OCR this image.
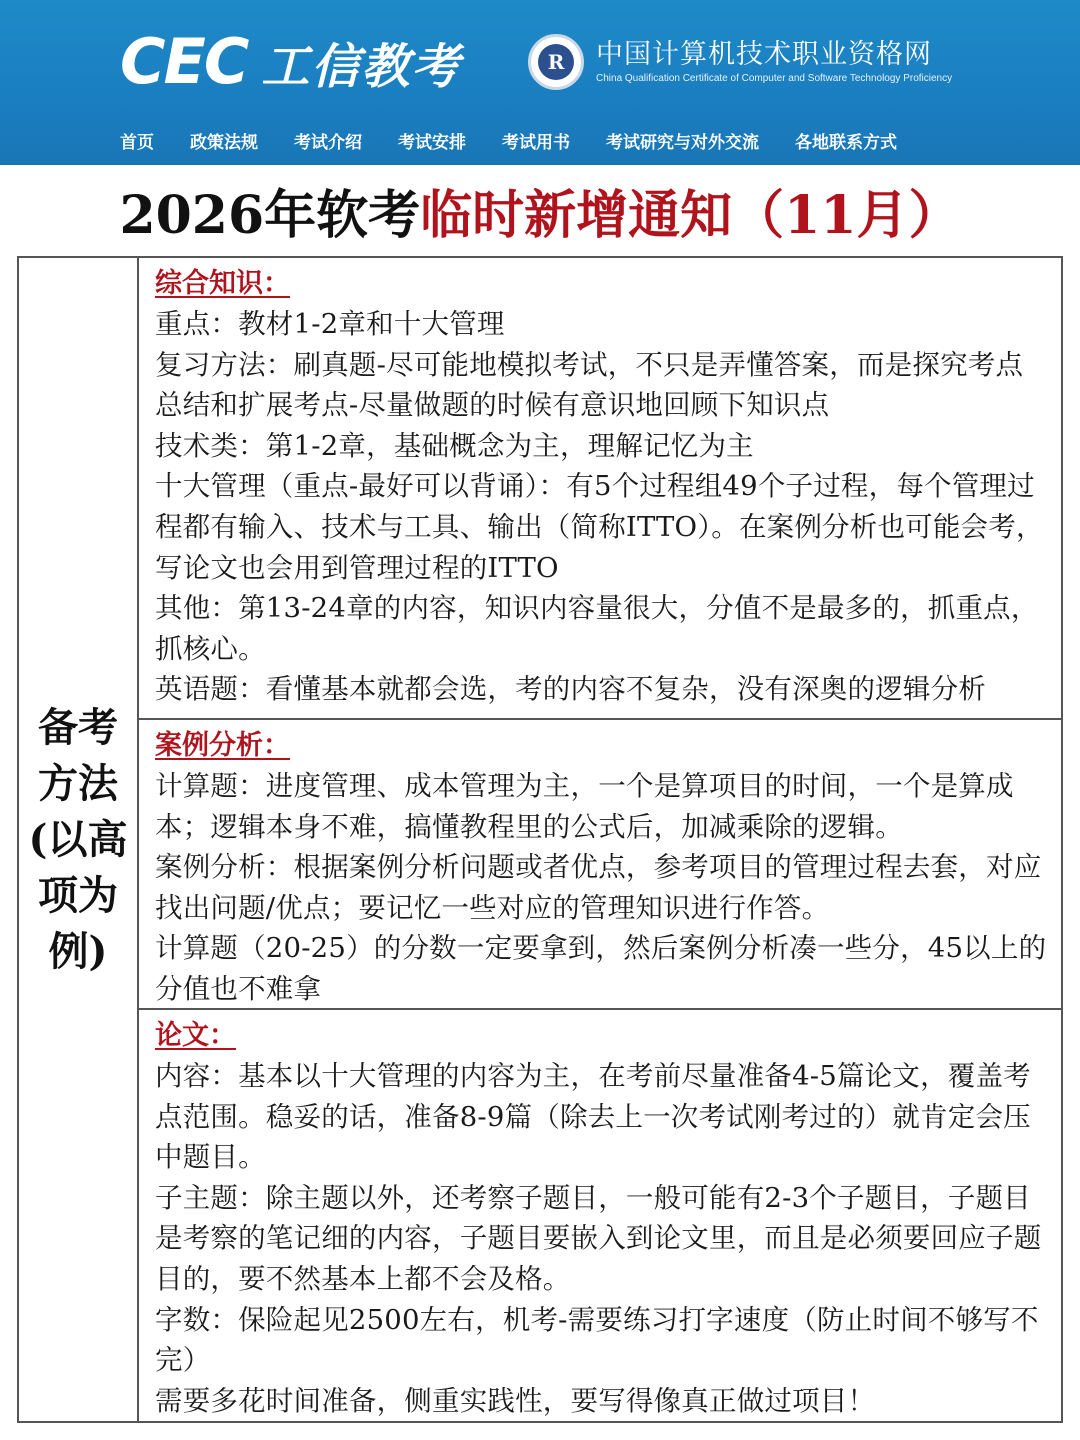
CEC 工信教考	R	中国计算机技术职业资格网
China Qualification Certificate of Computer and Software Technology Proficiency
首页 政策法规 考试介绍 考试安排 考试用书 考试研究与对外交流 各地联系方式
2026年软考临时新增通知（11月）
备考方法(以高项为例)
综合知识：

重点：教材1-2章和十大管理

复习方法：刷真题-尽可能地模拟考试，不只是弄懂答案，而是探究考点总结和扩展考点-尽量做题的时候有意识地回顾下知识点

技术类：第1-2章，基础概念为主，理解记忆为主

十大管理（重点-最好可以背诵）：有5个过程组49个子过程，每个管理过程都有输入、技术与工具、输出（简称ITTO）。在案例分析也可能会考，写论文也会用到管理过程的ITTO

其他：第13-24章的内容，知识内容量很大，分值不是最多的，抓重点，抓核心。

英语题：看懂基本就都会选，考的内容不复杂，没有深奥的逻辑分析

案例分析：

计算题：进度管理、成本管理为主，一个是算项目的时间，一个是算成本；逻辑本身不难，搞懂教程里的公式后，加减乘除的逻辑。

案例分析：根据案例分析问题或者优点，参考项目的管理过程去套，对应找出问题/优点；要记忆一些对应的管理知识进行作答。

计算题（20-25）的分数一定要拿到，然后案例分析凑一些分，45以上的分值也不难拿

论文：

内容：基本以十大管理的内容为主，在考前尽量准备4-5篇论文，覆盖考点范围。稳妥的话，准备8-9篇（除去上一次考试刚考过的）就肯定会压中题目。

子主题：除主题以外，还考察子题目，一般可能有2-3个子题目，子题目是考察的笔记细的内容，子题目要嵌入到论文里，而且是必须要回应子题目的，要不然基本上都不会及格。

字数：保险起见2500左右，机考-需要练习打字速度（防止时间不够写不完）

需要多花时间准备，侧重实践性，要写得像真正做过项目！
